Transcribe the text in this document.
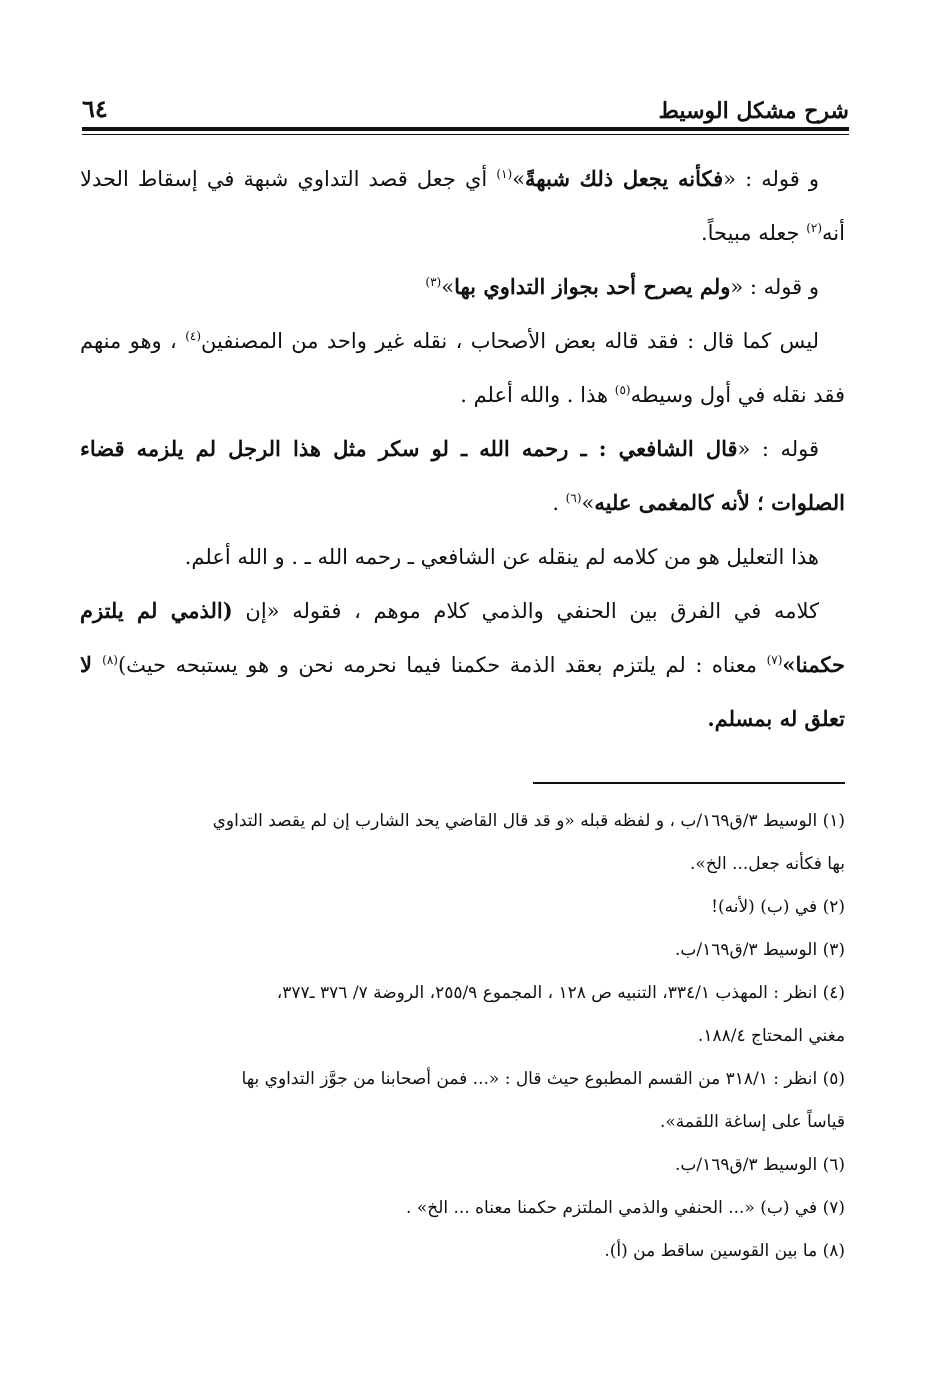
شرح مشكل الوسيط
٦٤

و قوله : «فكأنه يجعل ذلك شبهةً»$^{(١)}$ أي جعل قصد التداوي شبهة في إسقاط الحدلا أنه$^{(٢)}$ جعله مبيحاً.

و قوله : «ولم يصرح أحد بجواز التداوي بها»$^{(٣)}$

ليس كما قال : فقد قاله بعض الأصحاب ، نقله غير واحد من المصنفين$^{(٤)}$ ، وهو منهم فقد نقله في أول وسيطه$^{(٥)}$ هذا . والله أعلم .

قوله : «قال الشافعي : ـ رحمه الله ـ لو سكر مثل هذا الرجل لم يلزمه قضاء الصلوات ؛ لأنه كالمغمى عليه»$^{(٦)}$ .

هذا التعليل هو من كلامه لم ينقله عن الشافعي ـ رحمه الله ـ . و الله أعلم.

كلامه في الفرق بين الحنفي والذمي كلام موهم ، فقوله «إن (الذمي لم يلتزم حكمنا»$^{(٧)}$ معناه : لم يلتزم بعقد الذمة حكمنا فيما نحرمه نحن و هو يستبحه حيث)$^{(٨)}$ لا تعلق له بمسلم.

(١) الوسيط ٣/ق١٦٩/ب ، و لفظه قبله «و قد قال القاضي يحد الشارب إن لم يقصد التداوي

بها فكأنه جعل... الخ».

(٢) في (ب) (لأنه)!

(٣) الوسيط ٣/ق١٦٩/ب.

(٤) انظر : المهذب ٣٣٤/١، التنبيه ص ١٢٨ ، المجموع ٢٥٥/٩، الروضة ٧/ ٣٧٦ ـ٣٧٧،

مغني المحتاج ١٨٨/٤.

(٥) انظر : ٣١٨/١ من القسم المطبوع حيث قال : «... فمن أصحابنا من جوَّز التداوي بها

قياساً على إساغة اللقمة».

(٦) الوسيط ٣/ق١٦٩/ب.

(٧) في (ب) «... الحنفي والذمي الملتزم حكمنا معناه ... الخ» .

(٨) ما بين القوسين ساقط من (أ).
